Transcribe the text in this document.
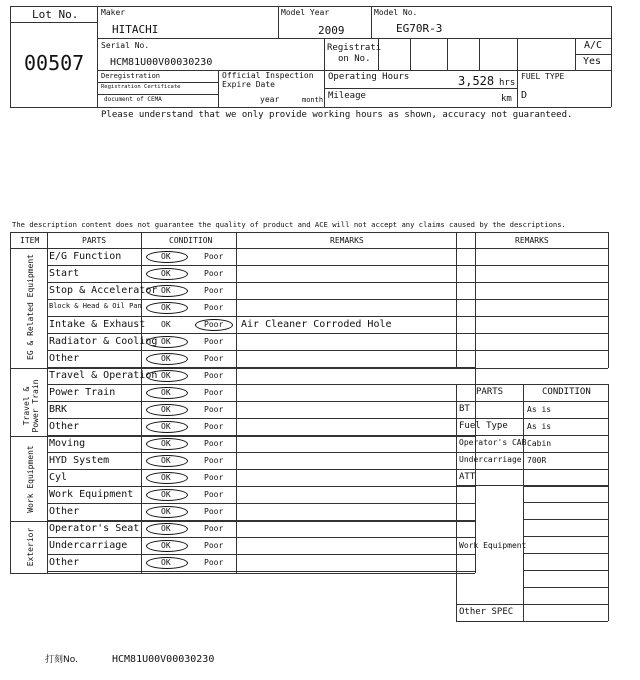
Lot No.
00507
Maker
HITACHI
Model Year
2009
Model No.
EG70R-3
Serial No.
HCM81U00V00030230
Registrati
on No.
A/C
Yes
Deregistration
Registration Certificate
document of CEMA
Official Inspection
Expire Date
year	month
Operating Hours	3,528 hrs
Mileage	km
FUEL TYPE
D
Please understand that we only provide working hours as shown, accuracy not guaranteed.
The description content does not guarantee the quality of product and ACE will not accept any claims caused by the descriptions.
ITEM	PARTS	CONDITION	REMARKS
EG & Related Equipment
Travel & Power Train
Work Equipment
Exterior
E/G Function	OK	Poor
Start	OK	Poor
Stop & Accelerator OK	Poor
Block & Head & Oil Pan OK	Poor
Intake & Exhaust OK	Poor Air Cleaner Corroded Hole
Radiator & Cooling OK	Poor
Other	OK	Poor
Travel & Operation OK	Poor
Power Train	OK	Poor
BRK	OK	Poor
Other	OK	Poor
Moving	OK	Poor
HYD System	OK	Poor
Cyl	OK	Poor
Work Equipment	OK	Poor
Other	OK	Poor
Operator's Seat	OK	Poor
Undercarriage	OK	Poor
Other	OK	Poor
REMARKS
PARTS	CONDITION
BT	As is
Fuel Type As is
Operator's CAB Cabin
Undercarriage 700R
ATT
Work Equipment
Other SPEC
打刻No.	HCM81U00V00030230
